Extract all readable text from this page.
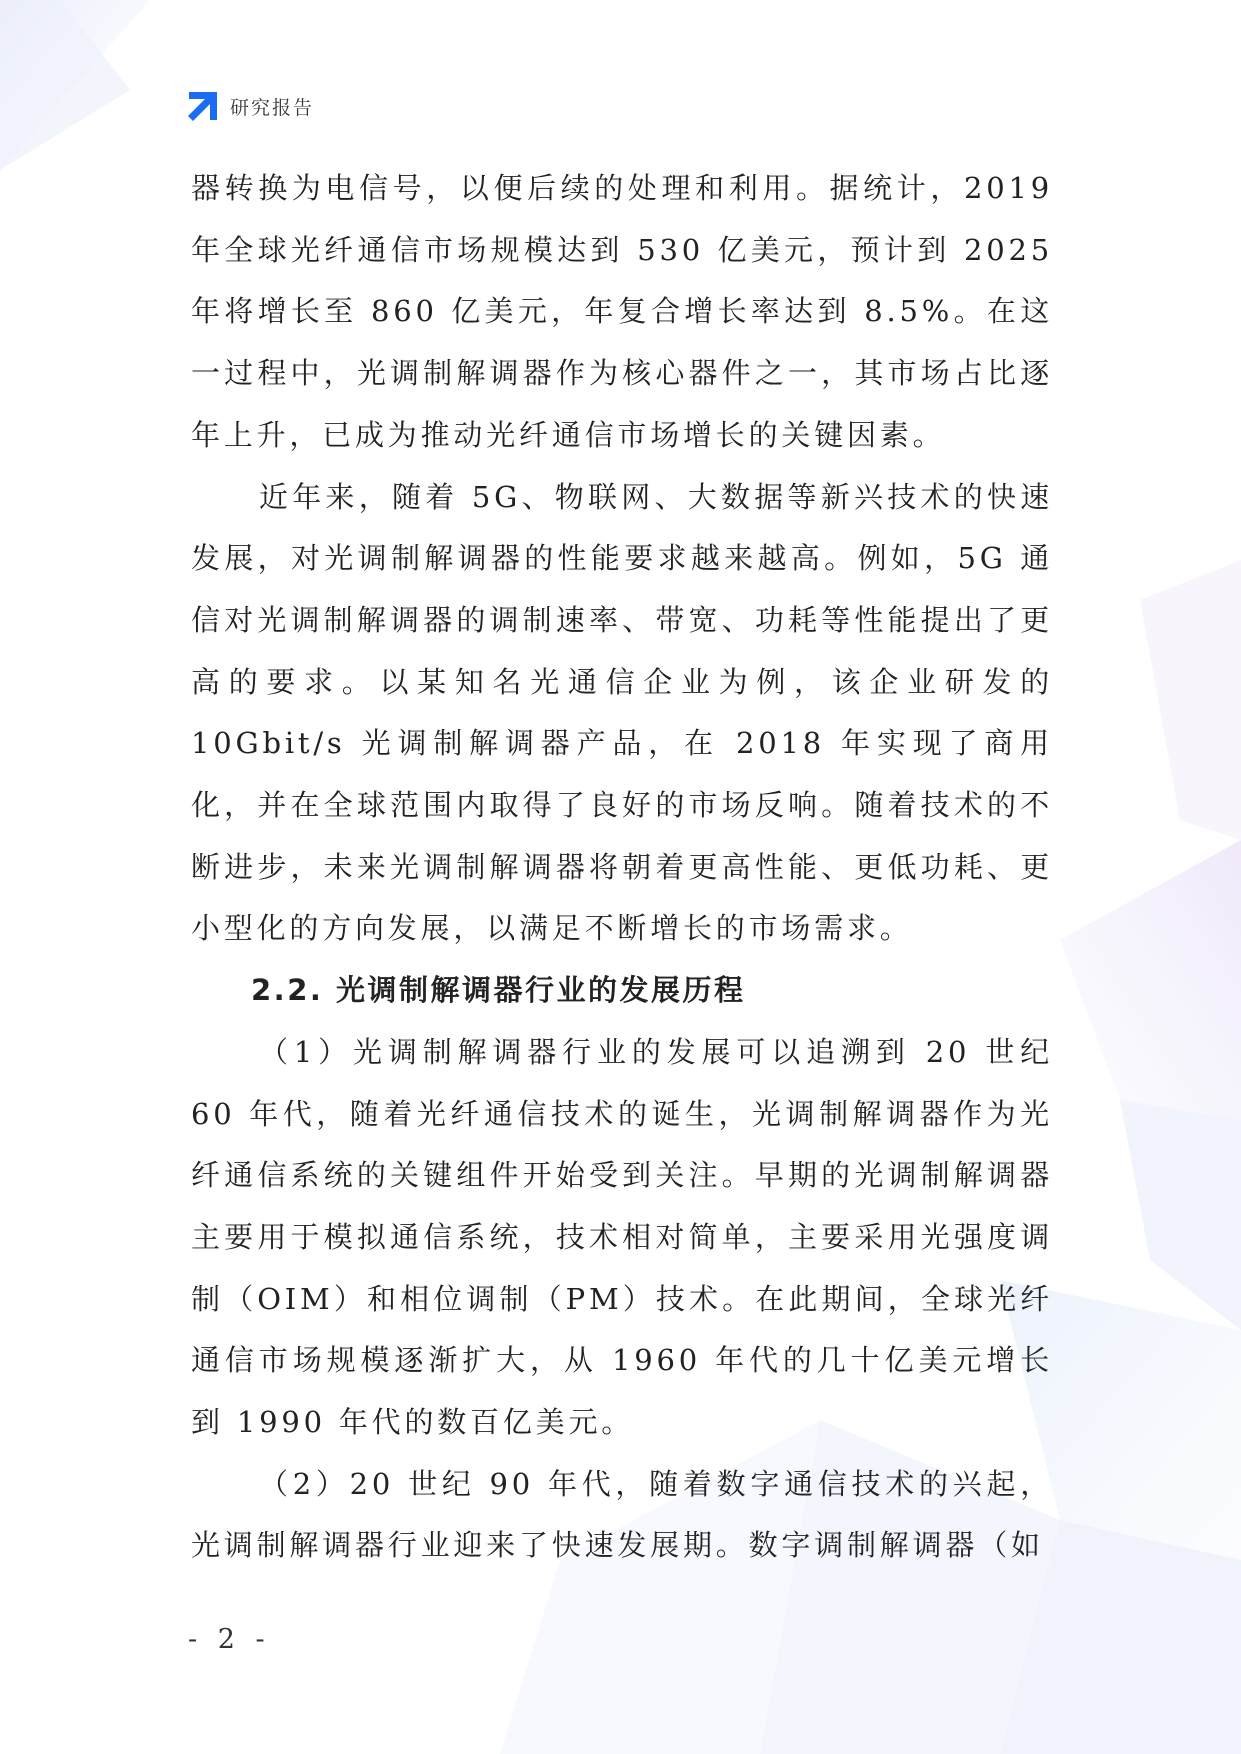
研究报告

器转换为电信号，以便后续的处理和利用。据统计，2019 年全球光纤通信市场规模达到 530 亿美元，预计到 2025 年将增长至 860 亿美元，年复合增长率达到 8.5%。在这一过程中，光调制解调器作为核心器件之一，其市场占比逐年上升，已成为推动光纤通信市场增长的关键因素。

近年来，随着 5G、物联网、大数据等新兴技术的快速发展，对光调制解调器的性能要求越来越高。例如，5G 通信对光调制解调器的调制速率、带宽、功耗等性能提出了更高的要求。以某知名光通信企业为例，该企业研发的 10Gbit/s 光调制解调器产品，在 2018 年实现了商用化，并在全球范围内取得了良好的市场反响。随着技术的不断进步，未来光调制解调器将朝着更高性能、更低功耗、更小型化的方向发展，以满足不断增长的市场需求。

2.2. 光调制解调器行业的发展历程

（1）光调制解调器行业的发展可以追溯到 20 世纪 60 年代，随着光纤通信技术的诞生，光调制解调器作为光纤通信系统的关键组件开始受到关注。早期的光调制解调器主要用于模拟通信系统，技术相对简单，主要采用光强度调制（OIM）和相位调制（PM）技术。在此期间，全球光纤通信市场规模逐渐扩大，从 1960 年代的几十亿美元增长到 1990 年代的数百亿美元。

（2）20 世纪 90 年代，随着数字通信技术的兴起，光调制解调器行业迎来了快速发展期。数字调制解调器（如

- 2 -
